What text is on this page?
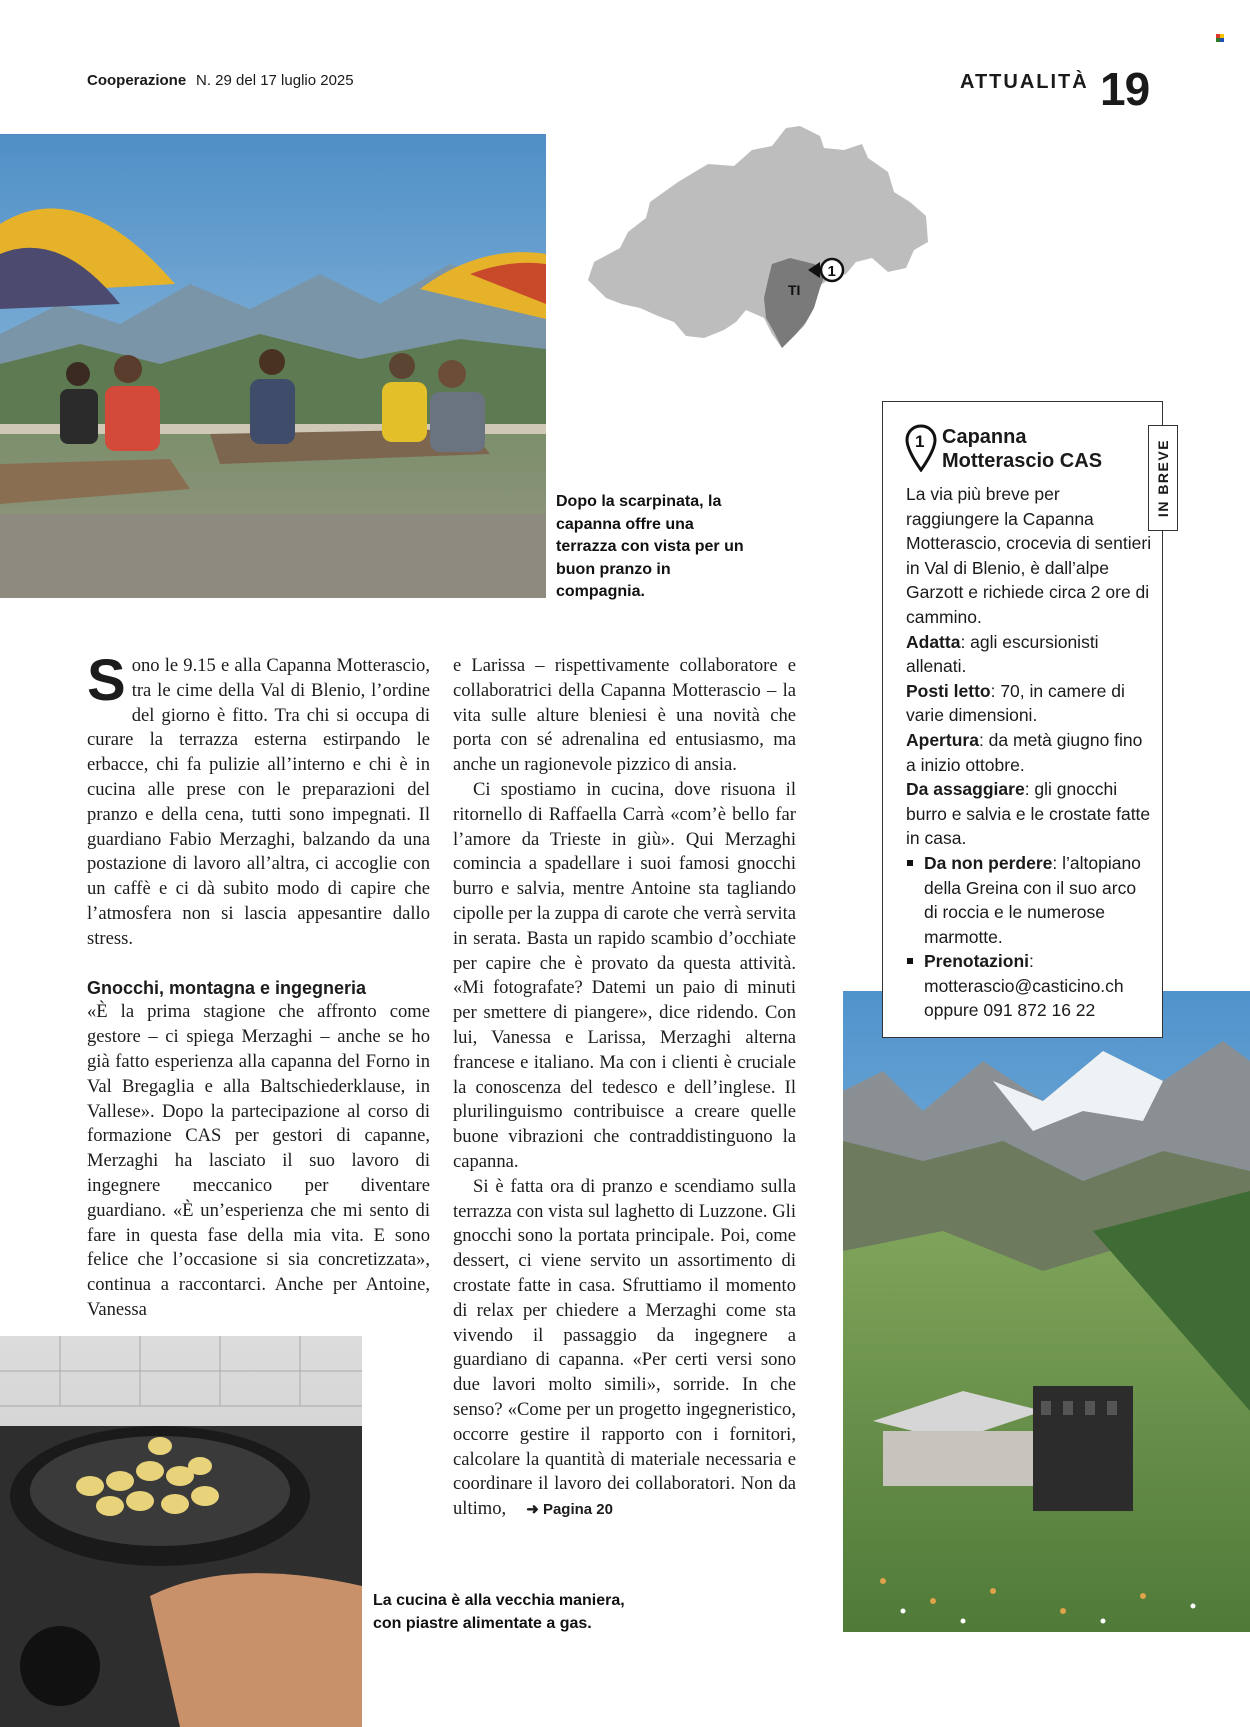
Cooperazione N. 29 del 17 luglio 2025	ATTUALITÀ 19
Dopo la scarpinata, la capanna offre una terrazza con vista per un buon pranzo in compagnia.
TI
1

Sono le 9.15 e alla Capanna Motterascio, tra le cime della Val di Blenio, l’ordine del giorno è fitto. Tra chi si occupa di curare la terrazza esterna estirpando le erbacce, chi fa pulizie all’interno e chi è in cucina alle prese con le preparazioni del pranzo e della cena, tutti sono impegnati. Il guardiano Fabio Merzaghi, balzando da una postazione di lavoro all’altra, ci accoglie con un caffè e ci dà subito modo di capire che l’atmosfera non si lascia appesantire dallo stress.

Gnocchi, montagna e ingegneria

«È la prima stagione che affronto come gestore – ci spiega Merzaghi – anche se ho già fatto esperienza alla capanna del Forno in Val Bregaglia e alla Baltschiederklause, in Vallese». Dopo la partecipazione al corso di formazione CAS per gestori di capanne, Merzaghi ha lasciato il suo lavoro di ingegnere meccanico per diventare guardiano. «È un’esperienza che mi sento di fare in questa fase della mia vita. E sono felice che l’occasione si sia concretizzata», continua a raccontarci. Anche per Antoine, Vanessa

e Larissa – rispettivamente collaboratore e collaboratrici della Capanna Motterascio – la vita sulle alture bleniesi è una novità che porta con sé adrenalina ed entusiasmo, ma anche un ragionevole pizzico di ansia.

Ci spostiamo in cucina, dove risuona il ritornello di Raffaella Carrà «com’è bello far l’amore da Trieste in giù». Qui Merzaghi comincia a spadellare i suoi famosi gnocchi burro e salvia, mentre Antoine sta tagliando cipolle per la zuppa di carote che verrà servita in serata. Basta un rapido scambio d’occhiate per capire che è provato da questa attività. «Mi fotografate? Datemi un paio di minuti per smettere di piangere», dice ridendo. Con lui, Vanessa e Larissa, Merzaghi alterna francese e italiano. Ma con i clienti è cruciale la conoscenza del tedesco e dell’inglese. Il plurilinguismo contribuisce a creare quelle buone vibrazioni che contraddistinguono la capanna.

Si è fatta ora di pranzo e scendiamo sulla terrazza con vista sul laghetto di Luzzone. Gli gnocchi sono la portata principale. Poi, come dessert, ci viene servito un assortimento di crostate fatte in casa. Sfruttiamo il momento di relax per chiedere a Merzaghi come sta vivendo il passaggio da ingegnere a guardiano di capanna. «Per certi versi sono due lavori molto simili», sorride. In che senso? «Come per un progetto ingegneristico, occorre gestire il rapporto con i fornitori, calcolare la quantità di materiale necessaria e coordinare il lavoro dei collaboratori. Non da ultimo, ➜ Pagina 20

La cucina è alla vecchia maniera, con piastre alimentate a gas.
Capanna
Motterascio CAS
La via più breve per raggiungere la Capanna Motterascio, crocevia di sentieri in Val di Blenio, è dall’alpe Garzott e richiede circa 2 ore di cammino.
Adatta: agli escursionisti allenati.
Posti letto: 70, in camere di varie dimensioni.
Apertura: da metà giugno fino a inizio ottobre.
Da assaggiare: gli gnocchi burro e salvia e le crostate fatte in casa.
Da non perdere: l’altopiano della Greina con il suo arco di roccia e le numerose marmotte.
Prenotazioni:
motterascio@casticino.ch
oppure 091 872 16 22
1	IN BREVE
